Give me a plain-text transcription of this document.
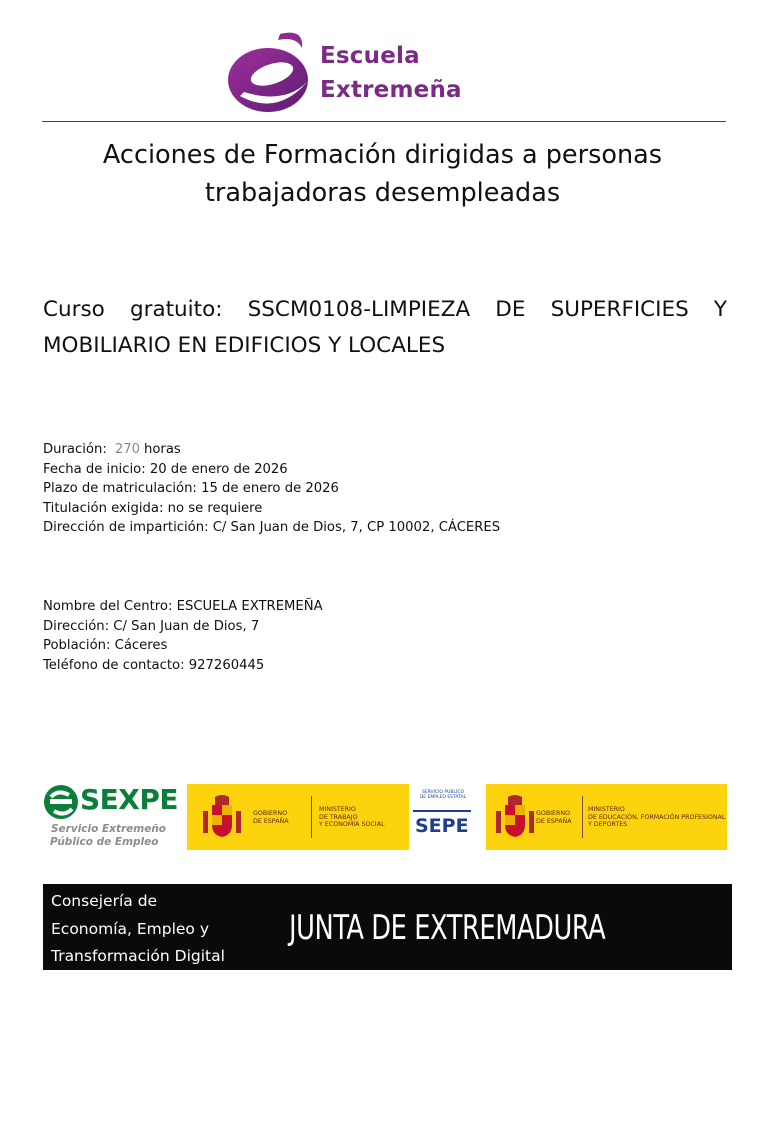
Escuela
Extremeña
Acciones de Formación dirigidas a personas trabajadoras desempleadas
Curso gratuito: SSCM0108-LIMPIEZA DE SUPERFICIES Y MOBILIARIO EN EDIFICIOS Y LOCALES
Duración: 270 horas
Fecha de inicio: 20 de enero de 2026
Plazo de matriculación: 15 de enero de 2026
Titulación exigida: no se requiere
Dirección de impartición: C/ San Juan de Dios, 7, CP 10002, CÁCERES
Nombre del Centro: ESCUELA EXTREMEÑA
Dirección: C/ San Juan de Dios, 7
Población: Cáceres
Teléfono de contacto: 927260445
SEXPE
Servicio Extremeño
Público de Empleo
GOBIERNO
DE ESPAÑA
MINISTERIO
DE TRABAJO
Y ECONOMÍA SOCIAL
SERVICIO PÚBLICO
DE EMPLEO ESTATAL
SEPE
GOBIERNO
DE ESPAÑA
MINISTERIO
DE EDUCACIÓN, FORMACIÓN PROFESIONAL
Y DEPORTES
Consejería de
Economía, Empleo y
Transformación Digital
JUNTA DE EXTREMADURA
